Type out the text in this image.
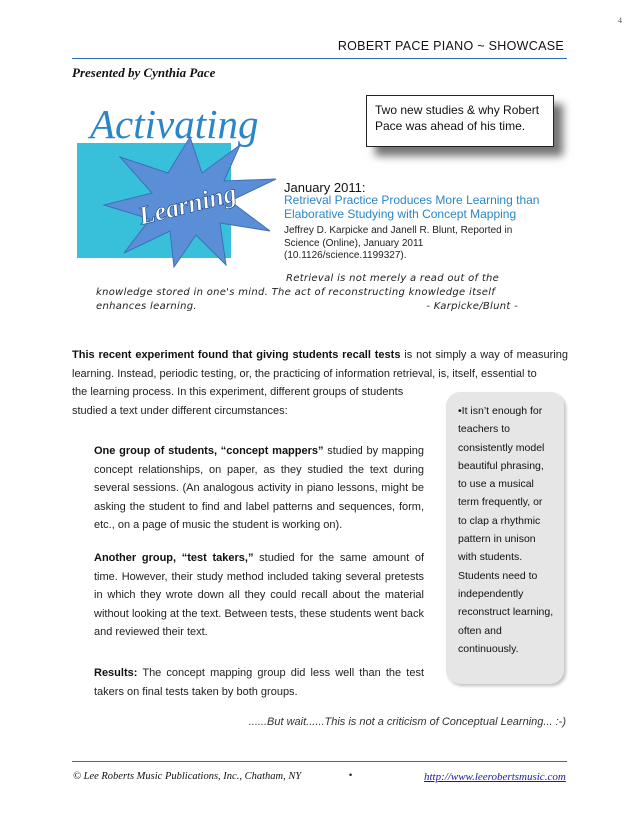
4
ROBERT PACE PIANO ~ SHOWCASE
Presented by Cynthia Pace
Two new studies & why Robert Pace was ahead of his time.
Activating
Learning	January 2011:
Retrieval Practice Produces More Learning than Elaborative Studying with Concept Mapping
Jeffrey D. Karpicke and Janell R. Blunt, Reported in Science (Online), January 2011 (10.1126/science.1199327).
Retrieval is not merely a read out of the
knowledge stored in one's mind. The act of reconstructing knowledge itself
enhances learning.	- Karpicke/Blunt -
This recent experiment found that giving students recall tests is not simply a way of measuring learning. Instead, periodic testing, or, the practicing of information retrieval, is, itself, essential to
the learning process. In this experiment, different groups of students studied a text under different circumstances:
One group of students, “concept mappers” studied by mapping concept relationships, on paper, as they studied the text during several sessions. (An analogous activity in piano lessons, might be asking the student to find and label patterns and sequences, form, etc., on a page of music the student is working on).
Another group, “test takers,” studied for the same amount of time. However, their study method included taking several pretests in which they wrote down all they could recall about the material without looking at the text. Between tests, these students went back and reviewed their text.
Results: The concept mapping group did less well than the test takers on final tests taken by both groups.
•It isn’t enough for teachers to consistently model beautiful phrasing, to use a musical term frequently, or to clap a rhythmic pattern in unison with students. Students need to independently reconstruct learning, often and continuously.
......But wait......This is not a criticism of Conceptual Learning... :-)
© Lee Roberts Music Publications, Inc., Chatham, NY	•	http://www.leerobertsmusic.com
